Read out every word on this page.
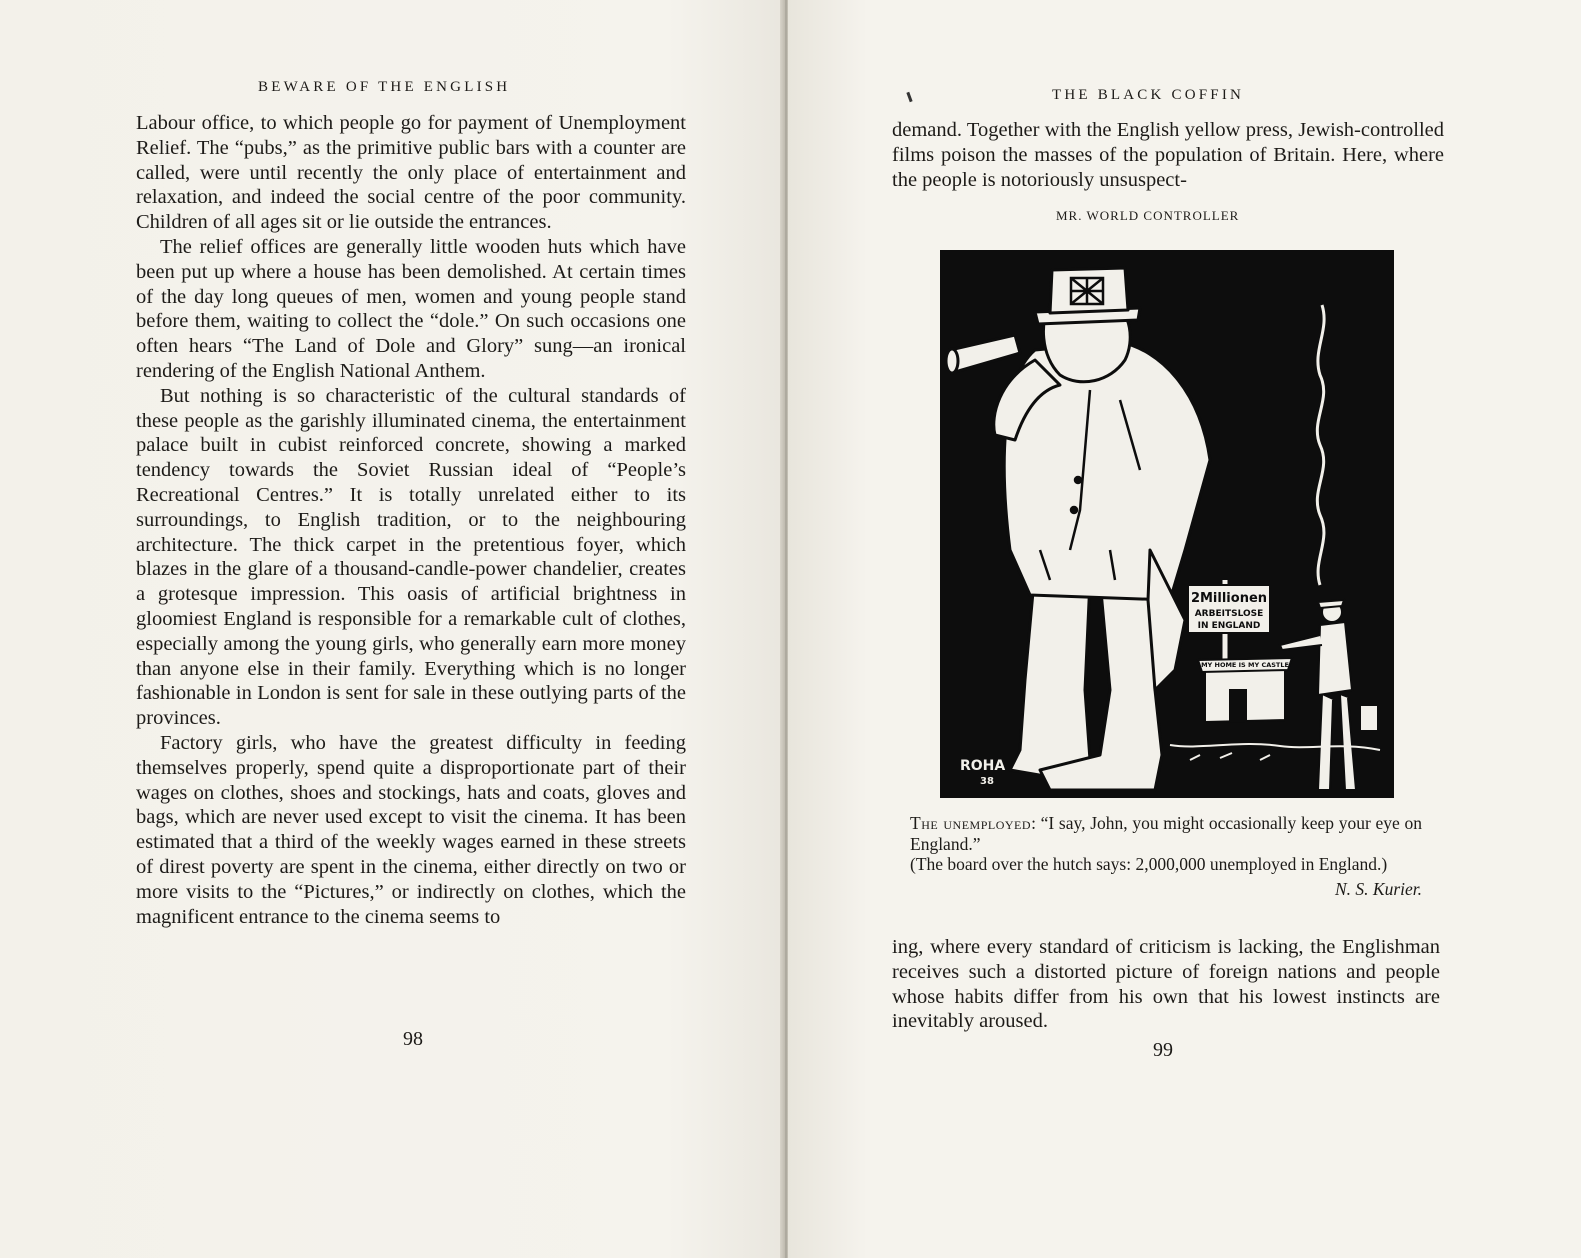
BEWARE OF THE ENGLISH

Labour office, to which people go for payment of Unemployment Relief. The “pubs,” as the primitive public bars with a counter are called, were until recently the only place of entertainment and relaxation, and indeed the social centre of the poor community. Children of all ages sit or lie outside the entrances.

The relief offices are generally little wooden huts which have been put up where a house has been demolished. At certain times of the day long queues of men, women and young people stand before them, waiting to collect the “dole.” On such occasions one often hears “The Land of Dole and Glory” sung—an ironical rendering of the English National Anthem.

But nothing is so characteristic of the cultural standards of these people as the garishly illuminated cinema, the entertainment palace built in cubist reinforced concrete, showing a marked tendency towards the Soviet Russian ideal of “People’s Recreational Centres.” It is totally unrelated either to its surroundings, to English tradition, or to the neighbouring architecture. The thick carpet in the pretentious foyer, which blazes in the glare of a thousand-candle-power chandelier, creates a grotesque impression. This oasis of artificial brightness in gloomiest England is responsible for a remarkable cult of clothes, especially among the young girls, who generally earn more money than anyone else in their family. Everything which is no longer fashionable in London is sent for sale in these outlying parts of the provinces.

Factory girls, who have the greatest difficulty in feeding themselves properly, spend quite a disproportionate part of their wages on clothes, shoes and stockings, hats and coats, gloves and bags, which are never used except to visit the cinema. It has been estimated that a third of the weekly wages earned in these streets of direst poverty are spent in the cinema, either directly on two or more visits to the “Pictures,” or indirectly on clothes, which the magnificent entrance to the cinema seems to

98
THE BLACK COFFIN

demand. Together with the English yellow press, Jewish-controlled films poison the masses of the population of Britain. Here, where the people is notoriously unsuspect-

MR. WORLD CONTROLLER
2Millionen
ARBEITSLOSE
IN ENGLAND
MY HOME IS MY CASTLE
ROHA
38

The unemployed: “I say, John, you might occasionally keep your eye on England.”

(The board over the hutch says: 2,000,000 unemployed in England.)

N. S. Kurier.

ing, where every standard of criticism is lacking, the Englishman receives such a distorted picture of foreign nations and people whose habits differ from his own that his lowest instincts are inevitably aroused.

99
